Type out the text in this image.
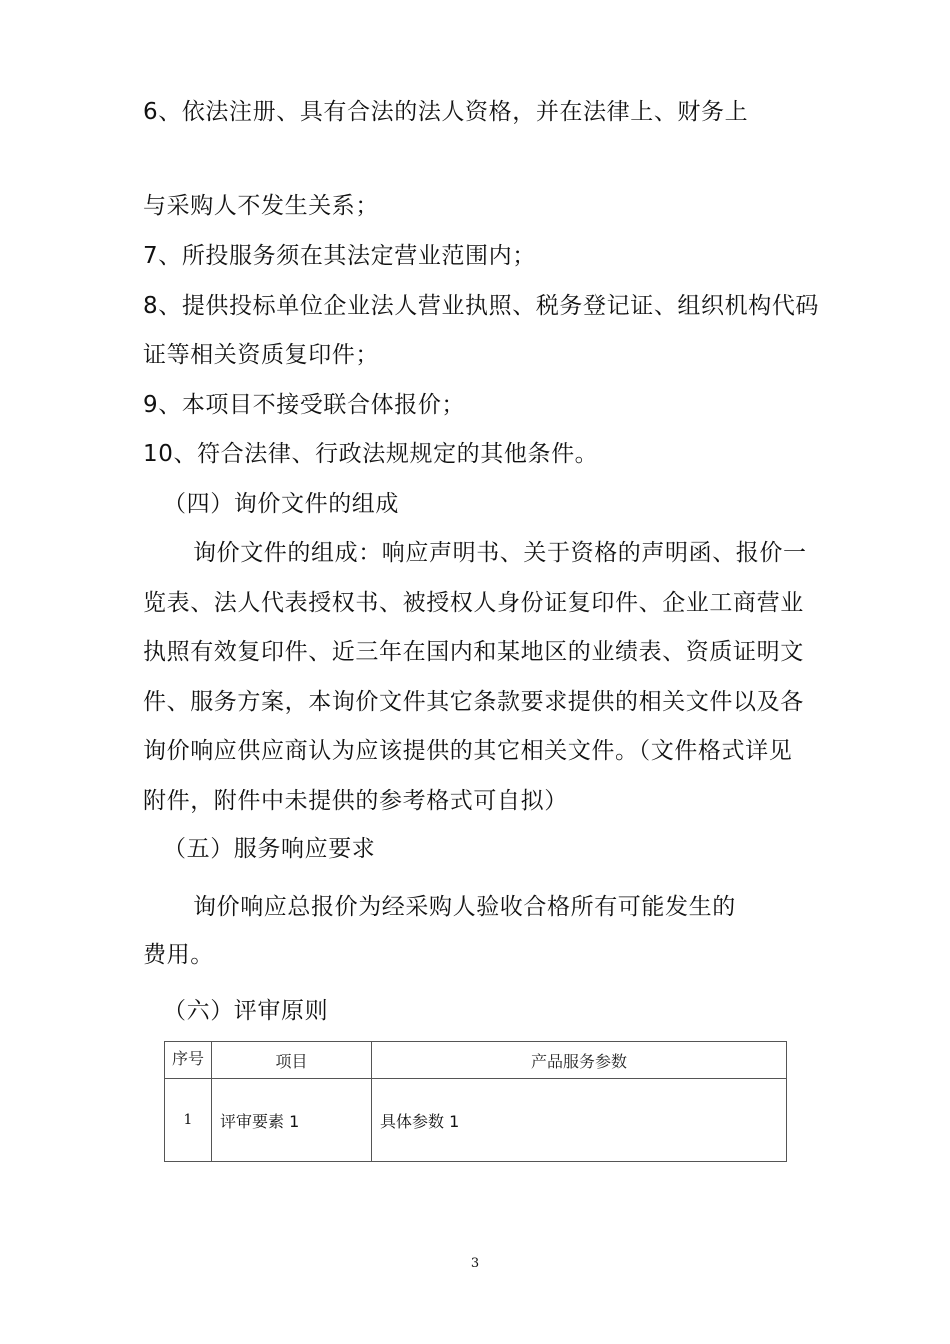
6、依法注册、具有合法的法人资格，并在法律上、财务上
与采购人不发生关系；
7、所投服务须在其法定营业范围内；
8、提供投标单位企业法人营业执照、税务登记证、组织机构代码
证等相关资质复印件；
9、本项目不接受联合体报价；
10、符合法律、行政法规规定的其他条件。
（四）询价文件的组成
询价文件的组成：响应声明书、关于资格的声明函、报价一
览表、法人代表授权书、被授权人身份证复印件、企业工商营业
执照有效复印件、近三年在国内和某地区的业绩表、资质证明文
件、服务方案，本询价文件其它条款要求提供的相关文件以及各
询价响应供应商认为应该提供的其它相关文件。（文件格式详见
附件，附件中未提供的参考格式可自拟）
（五）服务响应要求
询价响应总报价为经采购人验收合格所有可能发生的
费用。
（六）评审原则
序号	项目	产品服务参数
1	评审要素 1	具体参数 1
3
